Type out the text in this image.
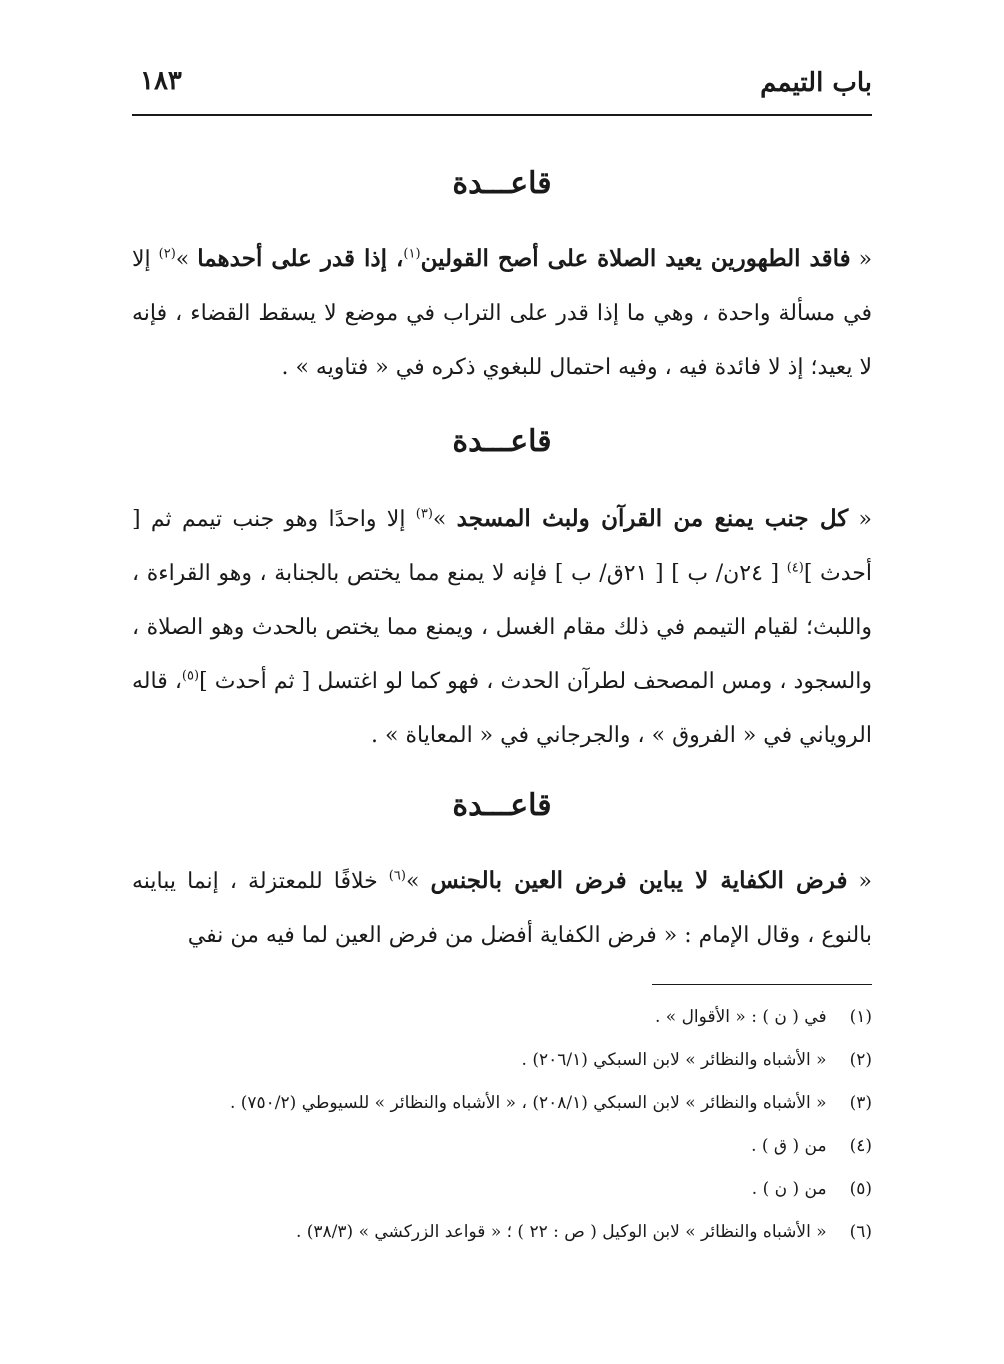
باب التيمم
١٨٣
قاعـــدة
« فاقد الطهورين يعيد الصلاة على أصح القولين$^{(١)}$، إذا قدر على أحدهما »$^{(٢)}$ إلا في مسألة واحدة ، وهي ما إذا قدر على التراب في موضع لا يسقط القضاء ، فإنه لا يعيد؛ إذ لا فائدة فيه ، وفيه احتمال للبغوي ذكره في « فتاويه » .
قاعـــدة
« كل جنب يمنع من القرآن ولبث المسجد »$^{(٣)}$ إلا واحدًا وهو جنب تيمم ثم [ أحدث ]$^{(٤)}$ [ ٢٤ن/ ب ] [ ٢١ق/ ب ] فإنه لا يمنع مما يختص بالجنابة ، وهو القراءة ، واللبث؛ لقيام التيمم في ذلك مقام الغسل ، ويمنع مما يختص بالحدث وهو الصلاة ، والسجود ، ومس المصحف لطرآن الحدث ، فهو كما لو اغتسل [ ثم أحدث ]$^{(٥)}$، قاله الروياني في « الفروق » ، والجرجاني في « المعاياة » .
قاعـــدة
« فرض الكفاية لا يباين فرض العين بالجنس »$^{(٦)}$ خلافًا للمعتزلة ، إنما يباينه بالنوع ، وقال الإمام : « فرض الكفاية أفضل من فرض العين لما فيه من نفي
(١) في ( ن ) : « الأقوال » .
(٢) « الأشباه والنظائر » لابن السبكي (٢٠٦/١) .
(٣) « الأشباه والنظائر » لابن السبكي (٢٠٨/١) ، « الأشباه والنظائر » للسيوطي (٧٥٠/٢) .
(٤) من ( ق ) .
(٥) من ( ن ) .
(٦) « الأشباه والنظائر » لابن الوكيل ( ص : ٢٢ ) ؛ « قواعد الزركشي » (٣٨/٣) .
